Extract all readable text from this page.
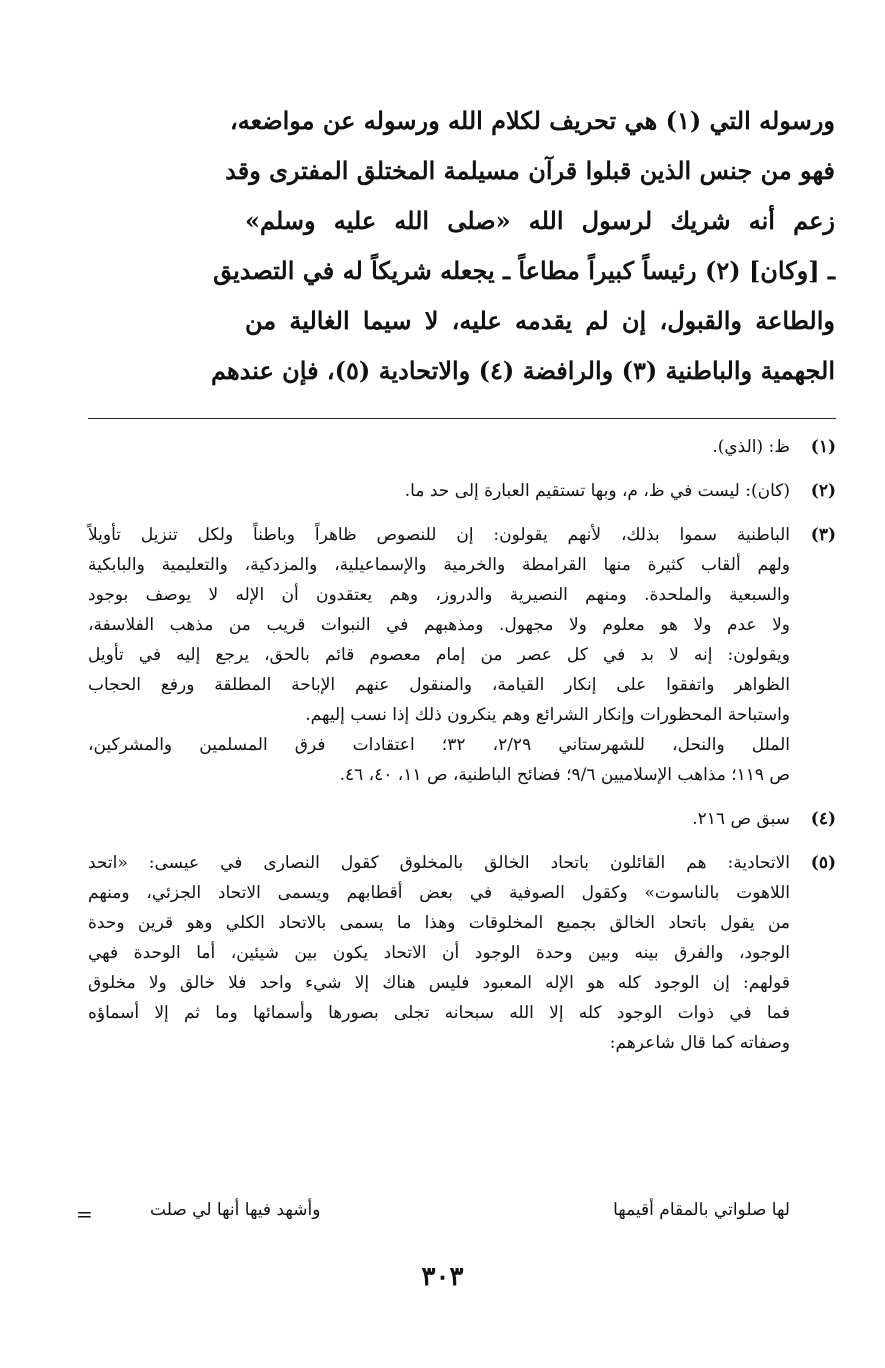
ورسوله التي (١) هي تحريف لكلام الله ورسوله عن مواضعه،
فهو من جنس الذين قبلوا قرآن مسيلمة المختلق المفترى وقد
زعم أنه شريك لرسول الله «صلى الله عليه وسلم»
ـ [وكان] (٢) رئيساً كبيراً مطاعاً ـ يجعله شريكاً له في التصديق
والطاعة والقبول، إن لم يقدمه عليه، لا سيما الغالية من
الجهمية والباطنية (٣) والرافضة (٤) والاتحادية (٥)، فإن عندهم
(١)
ظ: (الذي).
(٢)
(كان): ليست في ظ، م، وبها تستقيم العبارة إلى حد ما.
(٣)
الباطنية سموا بذلك، لأنهم يقولون: إن للنصوص ظاهراً وباطناً ولكل تنزيل تأويلاً
ولهم ألقاب كثيرة منها القرامطة والخرمية والإسماعيلية، والمزدكية، والتعليمية والبابكية
والسبعية والملحدة. ومنهم النصيرية والدروز، وهم يعتقدون أن الإله لا يوصف بوجود
ولا عدم ولا هو معلوم ولا مجهول. ومذهبهم في النبوات قريب من مذهب الفلاسفة،
ويقولون: إنه لا بد في كل عصر من إمام معصوم قائم بالحق، يرجع إليه في تأويل
الظواهر واتفقوا على إنكار القيامة، والمنقول عنهم الإباحة المطلقة ورفع الحجاب
واستباحة المحظورات وإنكار الشرائع وهم ينكرون ذلك إذا نسب إليهم.
الملل والنحل، للشهرستاني ٢/٢٩، ٣٢؛ اعتقادات فرق المسلمين والمشركين،
ص ١١٩؛ مذاهب الإسلاميين ٩/٦؛ فضائح الباطنية، ص ١١، ٤٠، ٤٦.
(٤)
سبق ص ٢١٦.
(٥)
الاتحادية: هم القائلون باتحاد الخالق بالمخلوق كقول النصارى في عيسى: «اتحد
اللاهوت بالناسوت» وكقول الصوفية في بعض أقطابهم ويسمى الاتحاد الجزئي، ومنهم
من يقول باتحاد الخالق بجميع المخلوقات وهذا ما يسمى بالاتحاد الكلي وهو قرين وحدة
الوجود، والفرق بينه وبين وحدة الوجود أن الاتحاد يكون بين شيئين، أما الوحدة فهي
قولهم: إن الوجود كله هو الإله المعبود فليس هناك إلا شيء واحد فلا خالق ولا مخلوق
فما في ذوات الوجود كله إلا الله سبحانه تجلى بصورها وأسمائها وما ثم إلا أسماؤه
وصفاته كما قال شاعرهم:
لها صلواتي بالمقام أقيمها
وأشهد فيها أنها لي صلت
=
٣٠٣
